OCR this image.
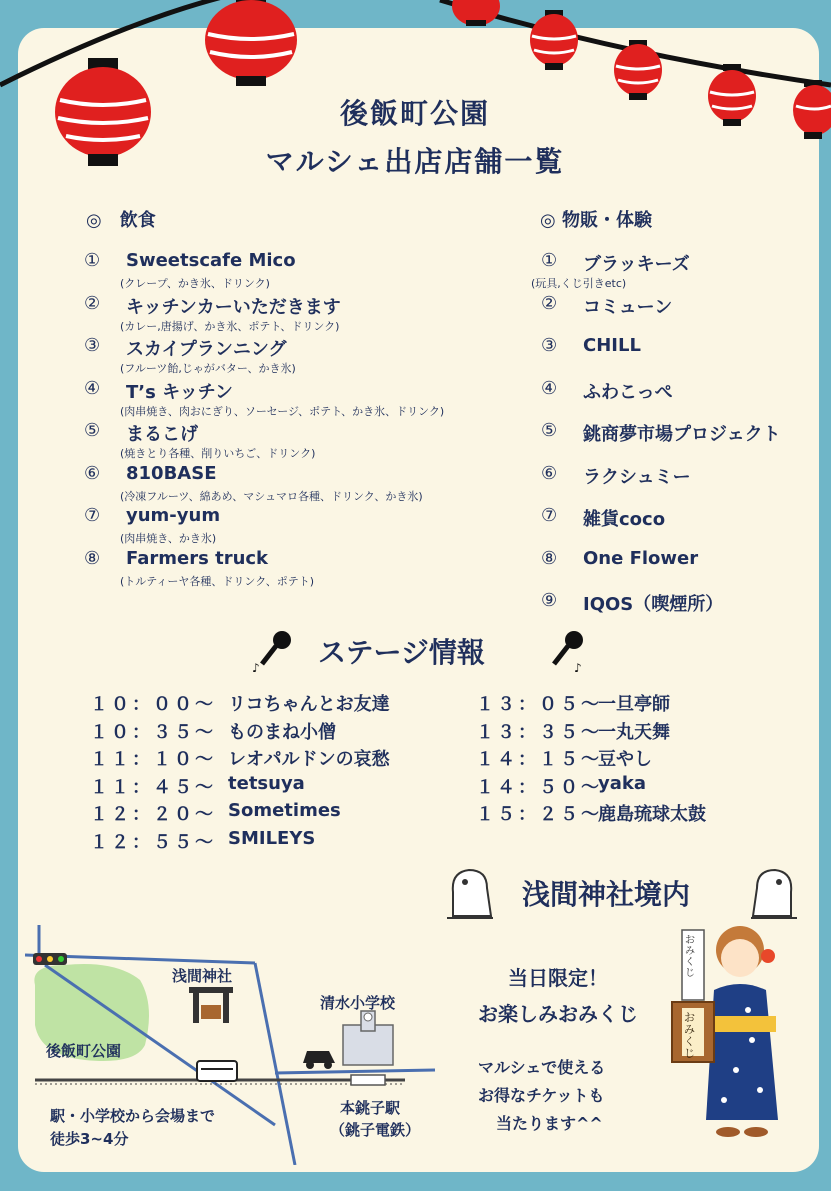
後飯町公園
マルシェ出店店舗一覧
◎　飲食
① Sweetscafe Mico
(クレープ、かき氷、ドリンク)
② キッチンカーいただきます
(カレー,唐揚げ、かき氷、ポテト、ドリンク)
③ スカイプランニング
(フルーツ飴,じゃがバター、かき氷)
④ T’s キッチン
(肉串焼き、肉おにぎり、ソーセージ、ポテト、かき氷、ドリンク)
⑤ まるこげ
(焼きとり各種、削りいちご、ドリンク)
⑥ 810BASE
(冷凍フルーツ、綿あめ、マシュマロ各種、ドリンク、かき氷)
⑦ yum-yum
(肉串焼き、かき氷)
⑧ Farmers truck
(トルティーヤ各種、ドリンク、ポテト)
◎ 物販・体験
① ブラッキーズ
(玩具,くじ引きetc)
② コミューン
③ CHILL
④ ふわこっぺ
⑤ 銚商夢市場プロジェクト
⑥ ラクシュミー
⑦ 雑貨coco
⑧ One Flower
⑨ IQOS（喫煙所）
♪ ステージ情報	♪
１０：００〜 リコちゃんとお友達
１０：３５〜 ものまね小僧
１１：１０〜 レオパルドンの哀愁
１１：４５〜 tetsuya
１２：２０〜 Sometimes
１２：５５〜 SMILEYS
１３：０５〜
一旦亭師
１３：３５〜
一丸天舞
１４：１５〜
豆やし
１４：５０〜
yaka
１５：２５〜
鹿島琉球太鼓
浅間神社境内
当日限定！
お楽しみおみくじ
マルシェで使える
お得なチケットも
当たります^^
おみくじ
おみくじ
浅間神社
後飯町公園
清水小学校
本銚子駅
（銚子電鉄）
駅・小学校から会場まで
徒歩3~4分
